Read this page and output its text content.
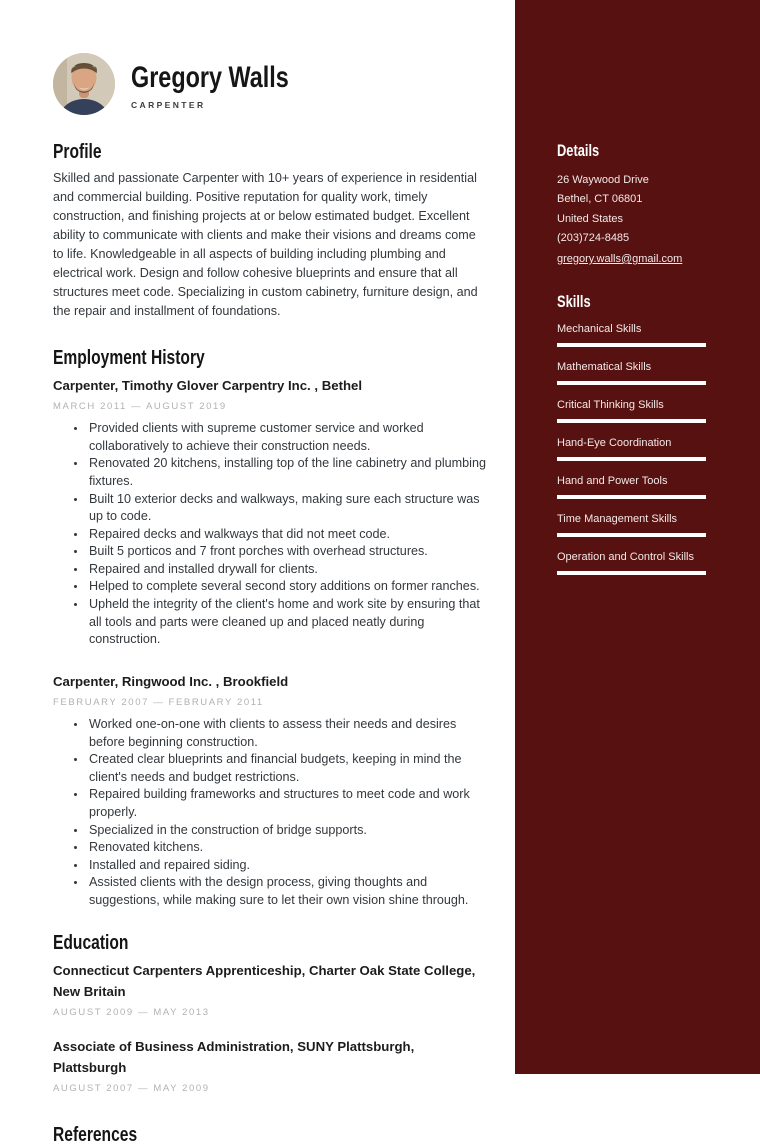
Gregory Walls
CARPENTER
Profile

Skilled and passionate Carpenter with 10+ years of experience in residential and commercial building. Positive reputation for quality work, timely construction, and finishing projects at or below estimated budget. Excellent ability to communicate with clients and make their visions and dreams come to life. Knowledgeable in all aspects of building including plumbing and electrical work. Design and follow cohesive blueprints and ensure that all structures meet code. Specializing in custom cabinetry, furniture design, and the repair and installment of foundations.

Employment History
Carpenter, Timothy Glover Carpentry Inc. , Bethel
MARCH 2011 — AUGUST 2019
• Provided clients with supreme customer service and worked collaboratively to achieve their construction needs.
• Renovated 20 kitchens, installing top of the line cabinetry and plumbing fixtures.
• Built 10 exterior decks and walkways, making sure each structure was up to code.
• Repaired decks and walkways that did not meet code.
• Built 5 porticos and 7 front porches with overhead structures.
• Repaired and installed drywall for clients.
• Helped to complete several second story additions on former ranches.
• Upheld the integrity of the client's home and work site by ensuring that all tools and parts were cleaned up and placed neatly during construction.
Carpenter, Ringwood Inc. , Brookfield
FEBRUARY 2007 — FEBRUARY 2011
• Worked one-on-one with clients to assess their needs and desires before beginning construction.
• Created clear blueprints and financial budgets, keeping in mind the client's needs and budget restrictions.
• Repaired building frameworks and structures to meet code and work properly.
• Specialized in the construction of bridge supports.
• Renovated kitchens.
• Installed and repaired siding.
• Assisted clients with the design process, giving thoughts and suggestions, while making sure to let their own vision shine through.
Education
Connecticut Carpenters Apprenticeship, Charter Oak State College, New Britain
AUGUST 2009 — MAY 2013
Associate of Business Administration, SUNY Plattsburgh, Plattsburgh
AUGUST 2007 — MAY 2009
References
Details
26 Waywood Drive
Bethel, CT 06801
United States
(203)724-8485
gregory.walls@gmail.com
Skills
Mechanical Skills
Mathematical Skills
Critical Thinking Skills
Hand-Eye Coordination
Hand and Power Tools
Time Management Skills
Operation and Control Skills
